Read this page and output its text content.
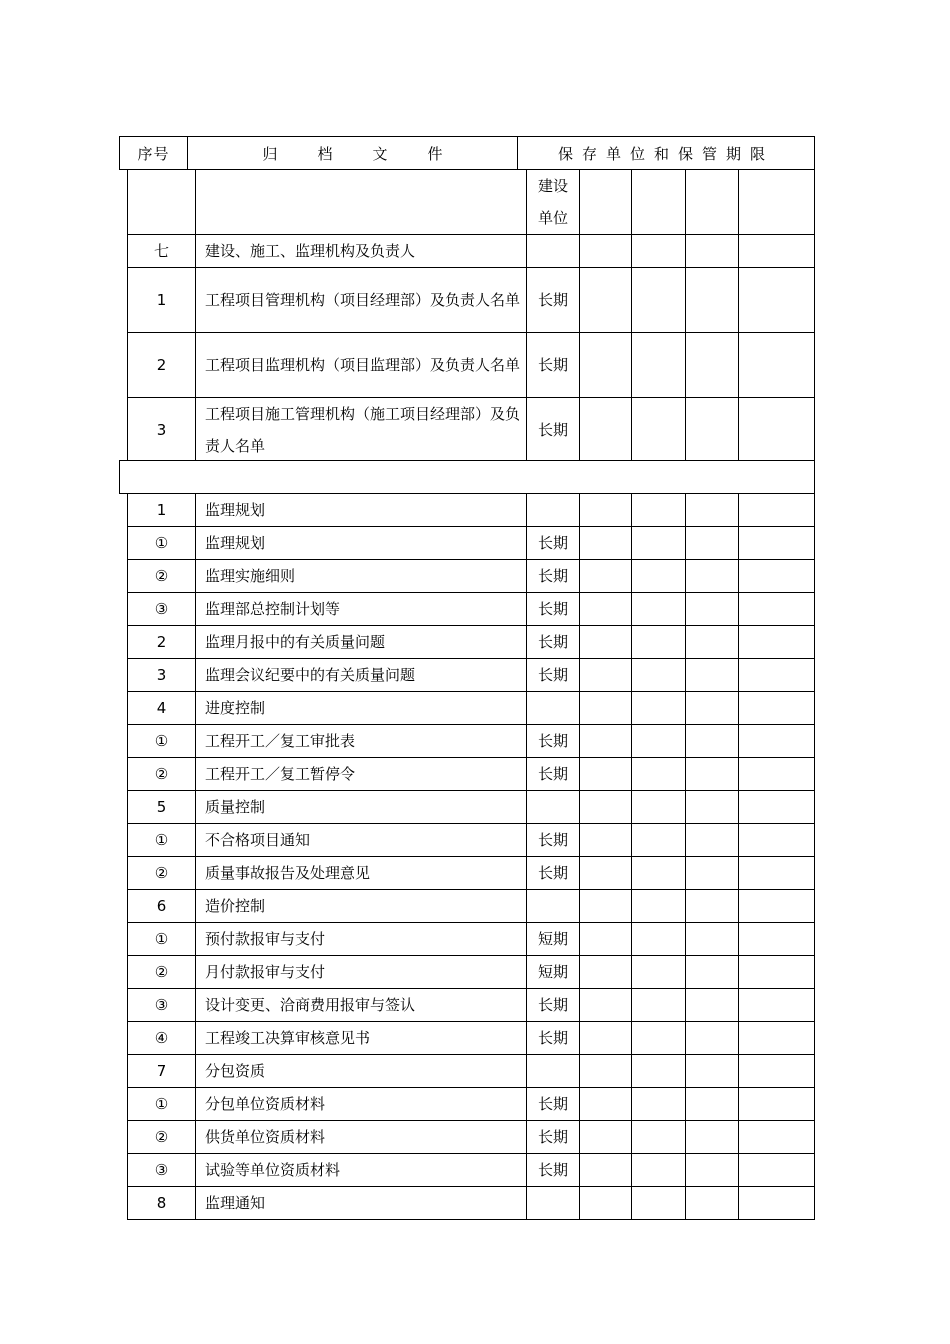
序号	归档文件	保存单位和保管期限
		建设单位				
七	建设、施工、监理机构及负责人					
1	工程项目管理机构（项目经理部）及负责人名单	长期				
2	工程项目监理机构（项目监理部）及负责人名单	长期				
3	工程项目施工管理机构（施工项目经理部）及负责人名单	长期				
1	监理规划					
①	监理规划	长期				
②	监理实施细则	长期				
③	监理部总控制计划等	长期				
2	监理月报中的有关质量问题	长期				
3	监理会议纪要中的有关质量问题	长期				
4	进度控制					
①	工程开工／复工审批表	长期				
②	工程开工／复工暂停令	长期				
5	质量控制					
①	不合格项目通知	长期				
②	质量事故报告及处理意见	长期				
6	造价控制					
①	预付款报审与支付	短期				
②	月付款报审与支付	短期				
③	设计变更、洽商费用报审与签认	长期				
④	工程竣工决算审核意见书	长期				
7	分包资质					
①	分包单位资质材料	长期				
②	供货单位资质材料	长期				
③	试验等单位资质材料	长期				
8	监理通知					
